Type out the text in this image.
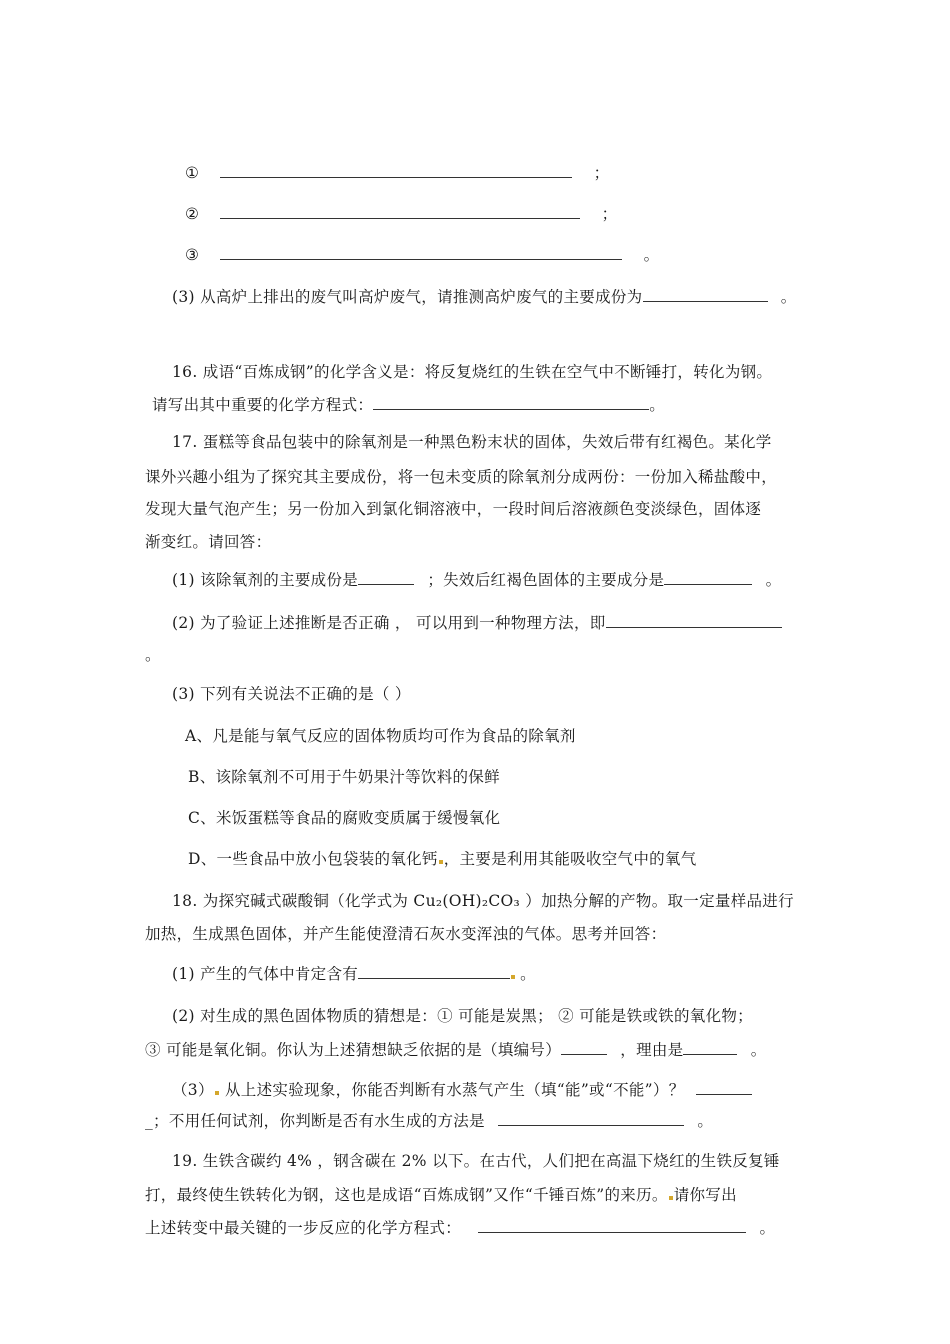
①	；
②	；
③	。
(3) 从高炉上排出的废气叫高炉废气，请推测高炉废气的主要成份为	。
16. 成语“百炼成钢”的化学含义是：将反复烧红的生铁在空气中不断锤打，转化为钢。
请写出其中重要的化学方程式：	。
17. 蛋糕等食品包装中的除氧剂是一种黑色粉末状的固体，失效后带有红褐色。某化学
课外兴趣小组为了探究其主要成份，将一包未变质的除氧剂分成两份：一份加入稀盐酸中，
发现大量气泡产生；另一份加入到氯化铜溶液中，一段时间后溶液颜色变淡绿色，固体逐
渐变红。请回答：
(1) 该除氧剂的主要成份是	；失效后红褐色固体的主要成分是	。
(2) 为了验证上述推断是否正确 ， 可以用到一种物理方法，即
。
(3) 下列有关说法不正确的是（ ）
A、凡是能与氧气反应的固体物质均可作为食品的除氧剂
B、该除氧剂不可用于牛奶果汁等饮料的保鲜
C、米饭蛋糕等食品的腐败变质属于缓慢氧化
D、一些食品中放小包袋装的氧化钙 ，主要是利用其能吸收空气中的氧气
18. 为探究碱式碳酸铜（化学式为 Cu₂(OH)₂CO₃ ）加热分解的产物。取一定量样品进行
加热，生成黑色固体，并产生能使澄清石灰水变浑浊的气体。思考并回答：
(1) 产生的气体中肯定含有	。
(2) 对生成的黑色固体物质的猜想是：① 可能是炭黑； ② 可能是铁或铁的氧化物；
③ 可能是氧化铜。你认为上述猜想缺乏依据的是（填编号）	，理由是	。
（3） 从上述实验现象，你能否判断有水蒸气产生（填“能”或“不能”）？
_；不用任何试剂，你判断是否有水生成的方法是	。
19. 生铁含碳约 4% ，钢含碳在 2% 以下。在古代，人们把在高温下烧红的生铁反复锤
打，最终使生铁转化为钢，这也是成语“百炼成钢”又作“千锤百炼”的来历。 请你写出
上述转变中最关键的一步反应的化学方程式：	。
